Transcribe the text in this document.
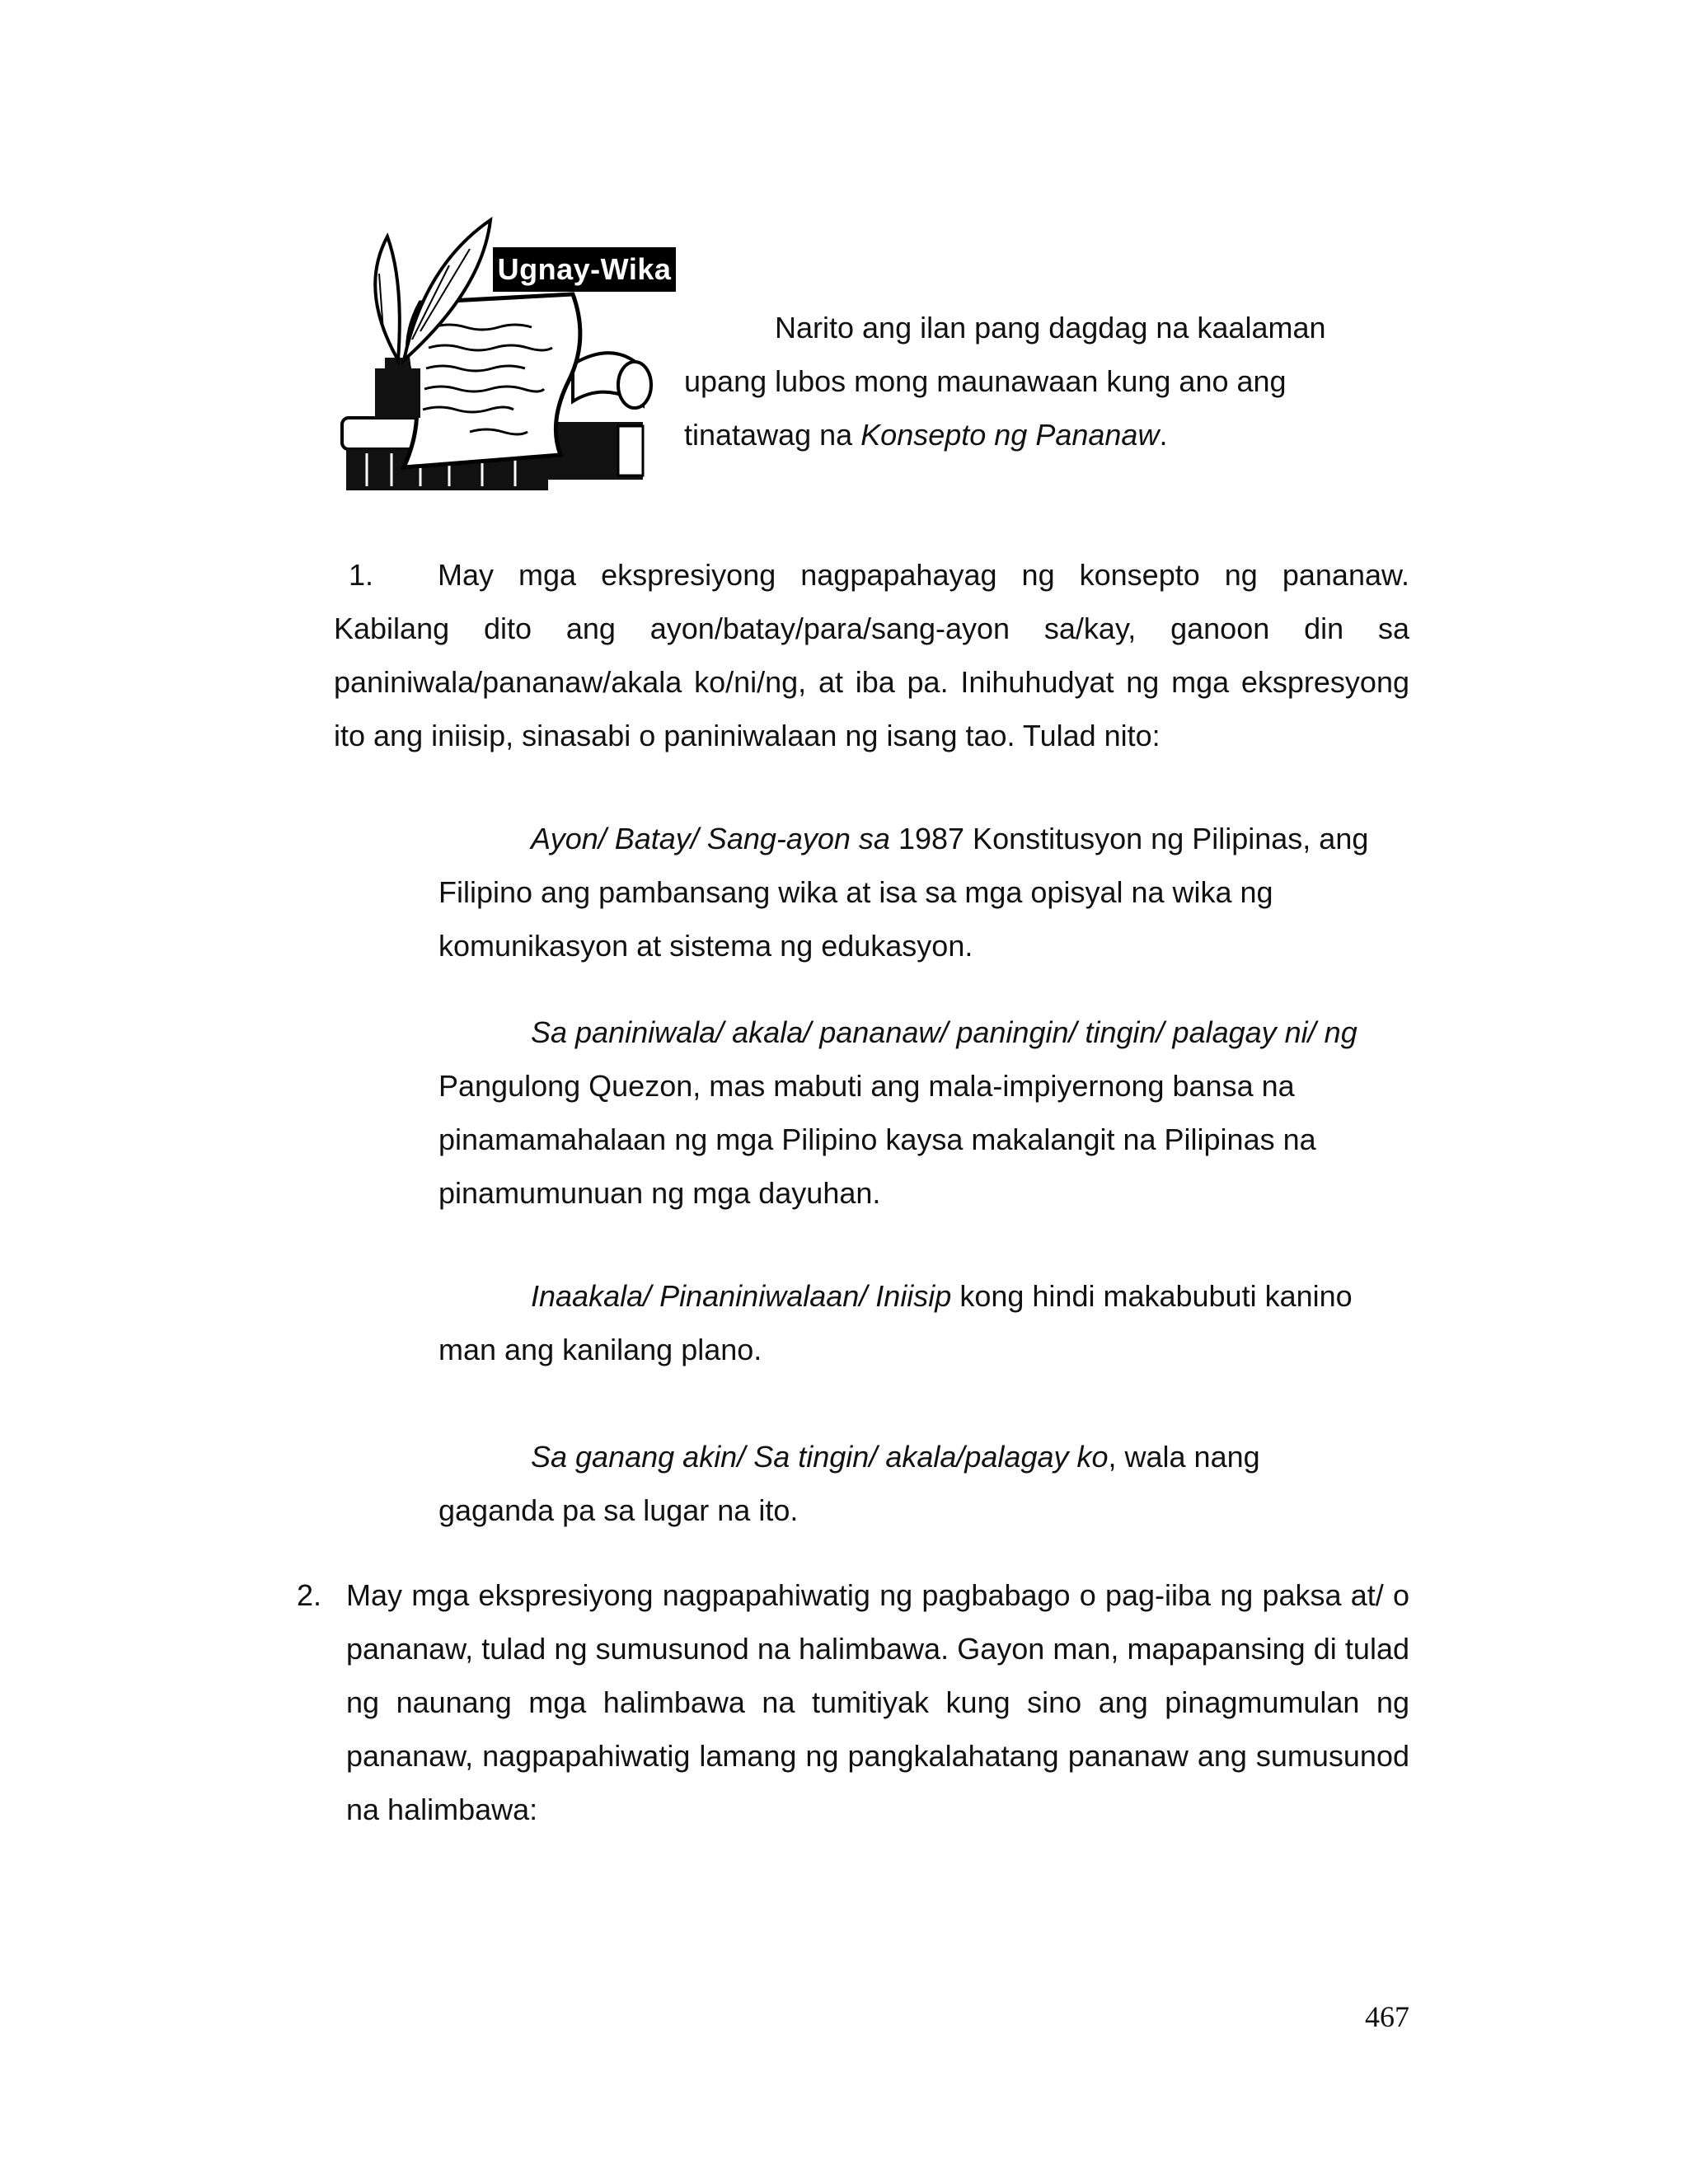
Ugnay-Wika
Narito ang ilan pang dagdag na kaalaman
upang lubos mong maunawaan kung ano ang
tinatawag na Konsepto ng Pananaw.

1. May mga ekspresiyong nagpapahayag ng konsepto ng pananaw.

Kabilang dito ang ayon/batay/para/sang-ayon sa/kay, ganoon din sa paniniwala/pananaw/akala ko/ni/ng, at iba pa. Inihuhudyat ng mga ekspresyong ito ang iniisip, sinasabi o paniniwalaan ng isang tao. Tulad nito:

Ayon/ Batay/ Sang-ayon sa 1987 Konstitusyon ng Pilipinas, ang

Filipino ang pambansang wika at isa sa mga opisyal na wika ng komunikasyon at sistema ng edukasyon.

Sa paniniwala/ akala/ pananaw/ paningin/ tingin/ palagay ni/ ng

Pangulong Quezon, mas mabuti ang mala-impiyernong bansa na pinamamahalaan ng mga Pilipino kaysa makalangit na Pilipinas na pinamumunuan ng mga dayuhan.

Inaakala/ Pinaniniwalaan/ Iniisip kong hindi makabubuti kanino

man ang kanilang plano.

Sa ganang akin/ Sa tingin/ akala/palagay ko, wala nang

gaganda pa sa lugar na ito.

2. May mga ekspresiyong nagpapahiwatig ng pagbabago o pag-iiba ng paksa at/ o pananaw, tulad ng sumusunod na halimbawa. Gayon man, mapapansing di tulad ng naunang mga halimbawa na tumitiyak kung sino ang pinagmumulan ng pananaw, nagpapahiwatig lamang ng pangkalahatang pananaw ang sumusunod na halimbawa:

467
